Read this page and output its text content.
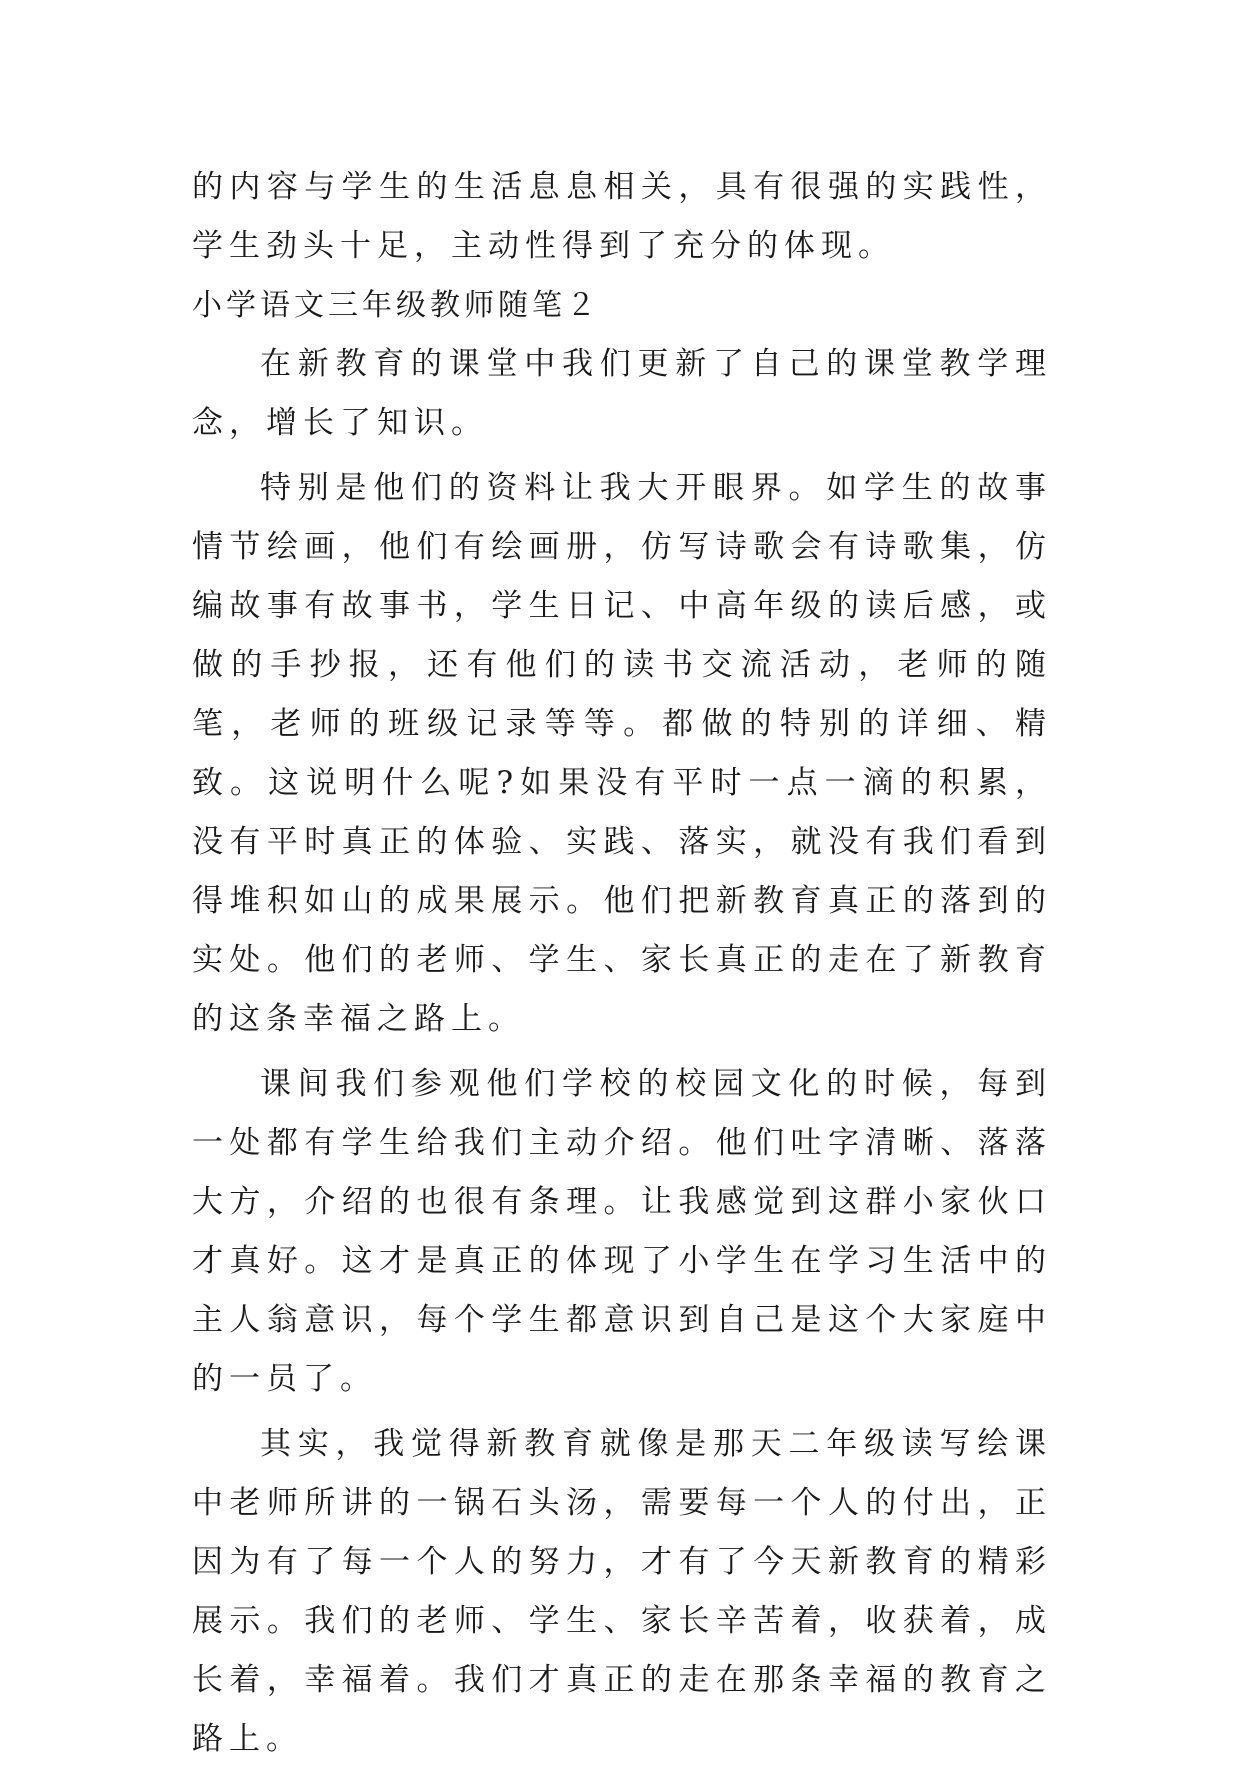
的内容与学生的生活息息相关，具有很强的实践性，学生劲头十足，主动性得到了充分的体现。

小学语文三年级教师随笔２

在新教育的课堂中我们更新了自己的课堂教学理念，增长了知识。

特别是他们的资料让我大开眼界。如学生的故事情节绘画，他们有绘画册，仿写诗歌会有诗歌集，仿编故事有故事书，学生日记、中高年级的读后感，或做的手抄报，还有他们的读书交流活动，老师的随笔，老师的班级记录等等。都做的特别的详细、精致。这说明什么呢?如果没有平时一点一滴的积累，没有平时真正的体验、实践、落实，就没有我们看到得堆积如山的成果展示。他们把新教育真正的落到的实处。他们的老师、学生、家长真正的走在了新教育的这条幸福之路上。

课间我们参观他们学校的校园文化的时候，每到一处都有学生给我们主动介绍。他们吐字清晰、落落大方，介绍的也很有条理。让我感觉到这群小家伙口才真好。这才是真正的体现了小学生在学习生活中的主人翁意识，每个学生都意识到自己是这个大家庭中的一员了。

其实，我觉得新教育就像是那天二年级读写绘课中老师所讲的一锅石头汤，需要每一个人的付出，正因为有了每一个人的努力，才有了今天新教育的精彩展示。我们的老师、学生、家长辛苦着，收获着，成长着，幸福着。我们才真正的走在那条幸福的教育之路上。
